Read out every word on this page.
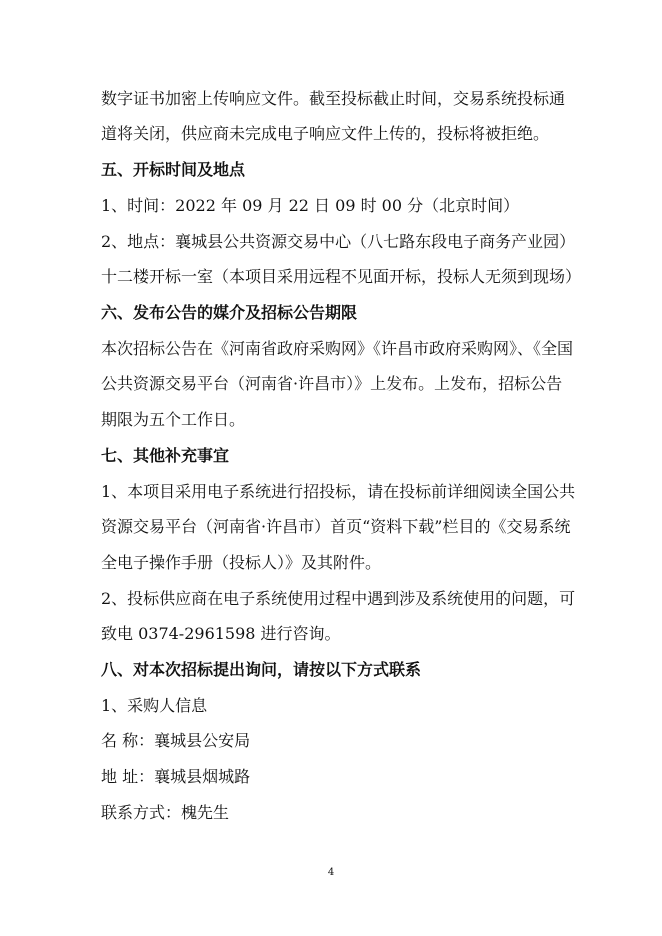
数字证书加密上传响应文件。截至投标截止时间，交易系统投标通
道将关闭，供应商未完成电子响应文件上传的，投标将被拒绝。
五、开标时间及地点
1、时间：2022 年 09 月 22 日 09 时 00 分（北京时间）
2、地点：襄城县公共资源交易中心（八七路东段电子商务产业园）
十二楼开标一室（本项目采用远程不见面开标，投标人无须到现场）
六、发布公告的媒介及招标公告期限
本次招标公告在《河南省政府采购网》《许昌市政府采购网》、《全国
公共资源交易平台（河南省·许昌市）》上发布。上发布，招标公告
期限为五个工作日。
七、其他补充事宜
1、本项目采用电子系统进行招投标，请在投标前详细阅读全国公共
资源交易平台（河南省·许昌市）首页“资料下载”栏目的《交易系统
全电子操作手册（投标人）》及其附件。
2、投标供应商在电子系统使用过程中遇到涉及系统使用的问题，可
致电 0374-2961598 进行咨询。
八、对本次招标提出询问，请按以下方式联系
1、采购人信息
名 称：襄城县公安局
地 址：襄城县烟城路
联系方式：槐先生
4
